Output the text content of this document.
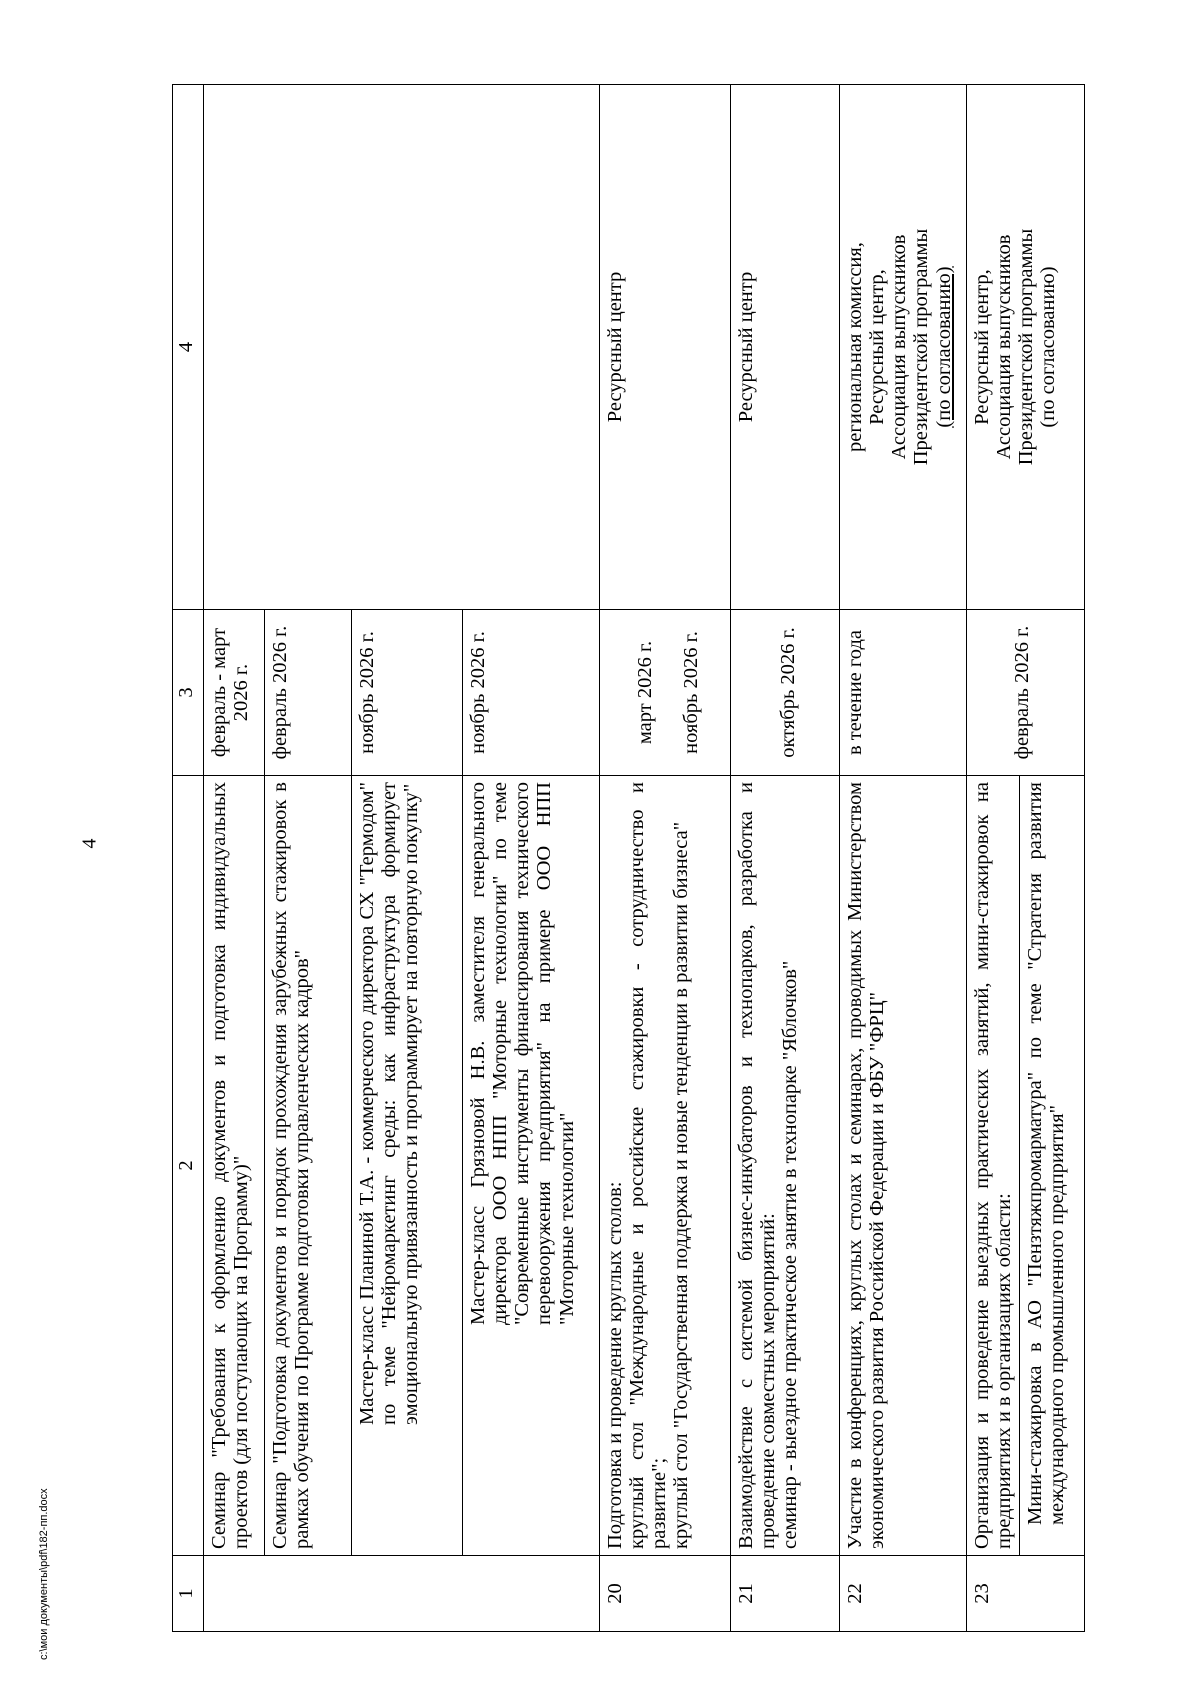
4
c:\мои документы\pdf\182-пп.docx	1	2	3	4
	Семинар "Требования к оформлению документов и подготовка индивидуальных проектов (для поступающих на Программу)"	февраль - март 2026 г.	
	Семинар "Подготовка документов и порядок прохождения зарубежных стажировок в рамках обучения по Программе подготовки управленческих кадров"	февраль 2026 г.	
	Мастер-класс Планиной Т.А. - коммерческого директора СХ "Термодом" по теме "Нейромаркетинг среды: как инфраструктура формирует эмоциональную привязанность и программирует на повторную покупку"	ноябрь 2026 г.	
	Мастер-класс Грязновой Н.В. заместителя генерального директора ООО НПП "Моторные технологии" по теме "Современные инструменты финансирования технического перевооружения предприятия" на примере ООО НПП "Моторные технологии"	ноябрь 2026 г.	
20	Подготовка и проведение круглых столов: круглый стол "Международные и российские стажировки - сотрудничество и развитие"; круглый стол "Государственная поддержка и новые тенденции в развитии бизнеса"	март 2026 г. ноябрь 2026 г.	Ресурсный центр
21	Взаимодействие с системой бизнес-инкубаторов и технопарков, разработка и проведение совместных мероприятий: семинар - выездное практическое занятие в технопарке "Яблочков"	октябрь 2026 г.	Ресурсный центр
22	Участие в конференциях, круглых столах и семинарах, проводимых Министерством экономического развития Российской Федерации и ФБУ "ФРЦ"	в течение года	региональная комиссия, Ресурсный центр, Ассоциация выпускников Президентской программы (по согласованию)

23	Организация и проведение выездных практических занятий, мини-стажировок на предприятиях и в организациях области:	февраль 2026 г.	Ресурсный центр, Ассоциация выпускников Президентской программы (по согласованию)

	Мини-стажировка в АО "Пензтяжпромарматура" по теме "Стратегия развития международного промышленного предприятия"		
